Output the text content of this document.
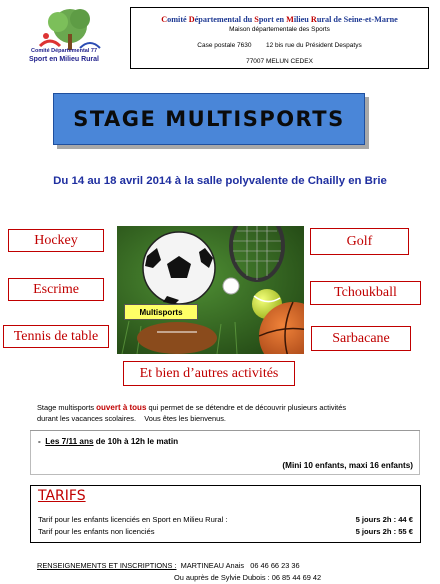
Comité Départemental 77
Sport en Milieu Rural
Comité Départemental du Sport en Milieu Rural de Seine-et-Marne
Maison départementale des Sports
Case postale 7630        12 bis rue du Président Despatys
77007 MELUN CEDEX
STAGE MULTISPORTS
Du 14 au 18 avril 2014 à la salle polyvalente de Chailly en Brie
Hockey	Golf
Escrime	Tchoukball
Tennis de table	Sarbacane
Et bien d’autres activités
Multisports
Stage multisports ouvert à tous qui permet de se détendre et de découvrir plusieurs activités
durant les vacances scolaires.    Vous êtes les bienvenus.
-  Les 7/11 ans de 10h à 12h le matin
(Mini 10 enfants, maxi 16 enfants)
TARIFS
Tarif pour les enfants licenciés en Sport en Milieu Rural :	5 jours 2h : 44 €
Tarif pour les enfants non licenciés	5 jours 2h : 55 €
RENSEIGNEMENTS ET INSCRIPTIONS :  MARTINEAU Anais   06 46 66 23 36
Ou auprès de Sylvie Dubois : 06 85 44 69 42
